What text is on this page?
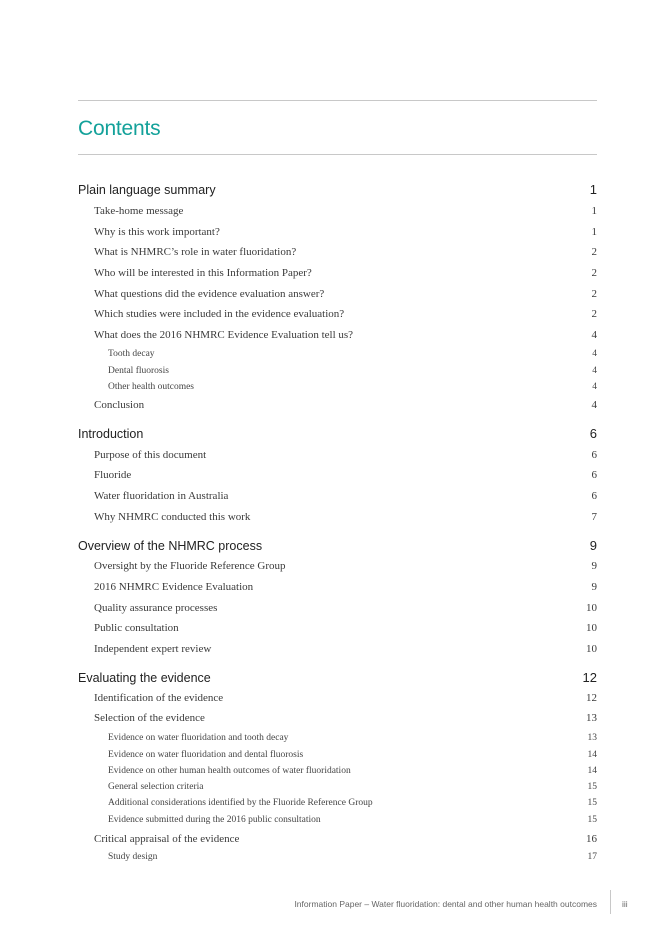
Contents
Plain language summary	1
Take-home message	1
Why is this work important?	1
What is NHMRC’s role in water fluoridation?	2
Who will be interested in this Information Paper?	2
What questions did the evidence evaluation answer?	2
Which studies were included in the evidence evaluation?	2
What does the 2016 NHMRC Evidence Evaluation tell us?	4
Tooth decay	4
Dental fluorosis	4
Other health outcomes	4
Conclusion	4
Introduction	6
Purpose of this document	6
Fluoride	6
Water fluoridation in Australia	6
Why NHMRC conducted this work	7
Overview of the NHMRC process	9
Oversight by the Fluoride Reference Group	9
2016 NHMRC Evidence Evaluation	9
Quality assurance processes	10
Public consultation	10
Independent expert review	10
Evaluating the evidence	12
Identification of the evidence	12
Selection of the evidence	13
Evidence on water fluoridation and tooth decay	13
Evidence on water fluoridation and dental fluorosis	14
Evidence on other human health outcomes of water fluoridation	14
General selection criteria	15
Additional considerations identified by the Fluoride Reference Group	15
Evidence submitted during the 2016 public consultation	15
Critical appraisal of the evidence	16
Study design	17
Information Paper – Water fluoridation: dental and other human health outcomes	iii
